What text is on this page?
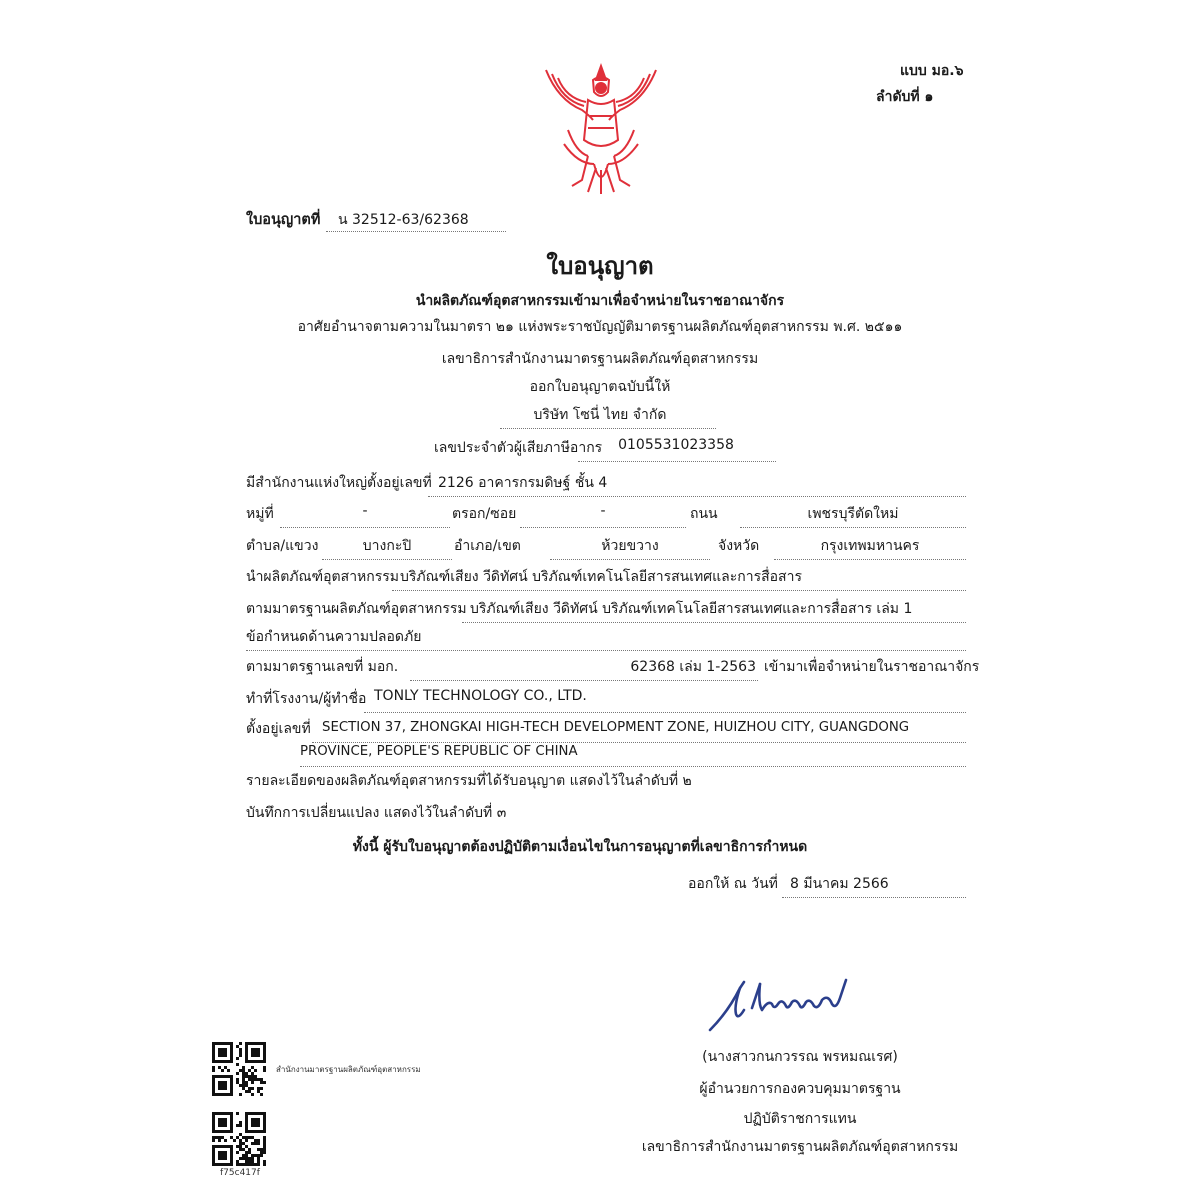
แบบ มอ.๖
ลำดับที่ ๑
ใบอนุญาตที่ น 32512-63/62368
ใบอนุญาต
นำผลิตภัณฑ์อุตสาหกรรมเข้ามาเพื่อจำหน่ายในราชอาณาจักร
อาศัยอำนาจตามความในมาตรา ๒๑ แห่งพระราชบัญญัติมาตรฐานผลิตภัณฑ์อุตสาหกรรม พ.ศ. ๒๕๑๑
เลขาธิการสำนักงานมาตรฐานผลิตภัณฑ์อุตสาหกรรม
ออกใบอนุญาตฉบับนี้ให้
บริษัท โซนี่ ไทย จำกัด
เลขประจำตัวผู้เสียภาษีอากร	0105531023358
มีสำนักงานแห่งใหญ่ตั้งอยู่เลขที่ 2126 อาคารกรมดิษฐ์ ชั้น 4
หมู่ที่	-	ตรอก/ซอย	-	ถนน	เพชรบุรีตัดใหม่
ตำบล/แขวง	บางกะปิ	อำเภอ/เขต	ห้วยขวาง	จังหวัด	กรุงเทพมหานคร
นำผลิตภัณฑ์อุตสาหกรรม บริภัณฑ์เสียง วีดิทัศน์ บริภัณฑ์เทคโนโลยีสารสนเทศและการสื่อสาร
ตามมาตรฐานผลิตภัณฑ์อุตสาหกรรม บริภัณฑ์เสียง วีดิทัศน์ บริภัณฑ์เทคโนโลยีสารสนเทศและการสื่อสาร เล่ม 1
ข้อกำหนดด้านความปลอดภัย
ตามมาตรฐานเลขที่ มอก.	62368 เล่ม 1-2563 เข้ามาเพื่อจำหน่ายในราชอาณาจักร
ทำที่โรงงาน/ผู้ทำชื่อ TONLY TECHNOLOGY CO., LTD.
ตั้งอยู่เลขที่ SECTION 37, ZHONGKAI HIGH-TECH DEVELOPMENT ZONE, HUIZHOU CITY, GUANGDONG
PROVINCE, PEOPLE'S REPUBLIC OF CHINA
รายละเอียดของผลิตภัณฑ์อุตสาหกรรมที่ได้รับอนุญาต แสดงไว้ในลำดับที่ ๒
บันทึกการเปลี่ยนแปลง แสดงไว้ในลำดับที่ ๓
ทั้งนี้ ผู้รับใบอนุญาตต้องปฏิบัติตามเงื่อนไขในการอนุญาตที่เลขาธิการกำหนด
ออกให้ ณ วันที่ 8 มีนาคม 2566
(นางสาวกนกวรรณ พรหมณเรศ)
ผู้อำนวยการกองควบคุมมาตรฐาน
ปฏิบัติราชการแทน
เลขาธิการสำนักงานมาตรฐานผลิตภัณฑ์อุตสาหกรรม
สำนักงานมาตรฐานผลิตภัณฑ์อุตสาหกรรม
f75c417f
